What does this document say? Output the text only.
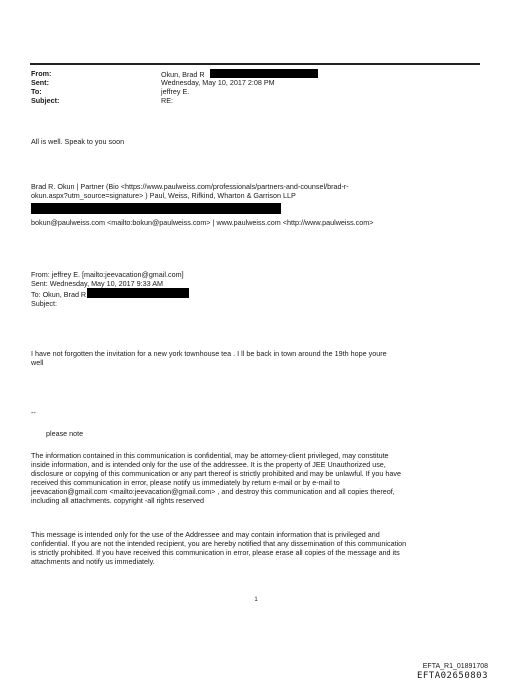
From:	Okun, Brad R
Sent:	Wednesday, May 10, 2017 2:08 PM
To:	jeffrey E.
Subject:	RE:
All is well. Speak to you soon
Brad R. Okun | Partner (Bio <https://www.paulweiss.com/professionals/partners-and-counsel/brad-r-
okun.aspx?utm_source=signature> ) Paul, Weiss, Rifkind, Wharton & Garrison LLP
bokun@paulweiss.com <mailto:bokun@paulweiss.com> | www.paulweiss.com <http://www.paulweiss.com>
From: jeffrey E. [mailto:jeevacation@gmail.com]
Sent: Wednesday, May 10, 2017 9:33 AM
To: Okun, Brad R
Subject:
I have not forgotten the invitation for a new york townhouse tea . I ll be back in town around the 19th hope youre
well
--
please note
The information contained in this communication is confidential, may be attorney-client privileged, may constitute
inside information, and is intended only for the use of the addressee. It is the property of JEE Unauthorized use,
disclosure or copying of this communication or any part thereof is strictly prohibited and may be unlawful. If you have
received this communication in error, please notify us immediately by return e-mail or by e-mail to
jeevacation@gmail.com <mailto:jeevacation@gmail.com> , and destroy this communication and all copies thereof,
including all attachments. copyright -all rights reserved
This message is intended only for the use of the Addressee and may contain information that is privileged and
confidential. If you are not the intended recipient, you are hereby notified that any dissemination of this communication
is strictly prohibited. If you have received this communication in error, please erase all copies of the message and its
attachments and notify us immediately.
1
EFTA_R1_01891708
EFTA02650803
